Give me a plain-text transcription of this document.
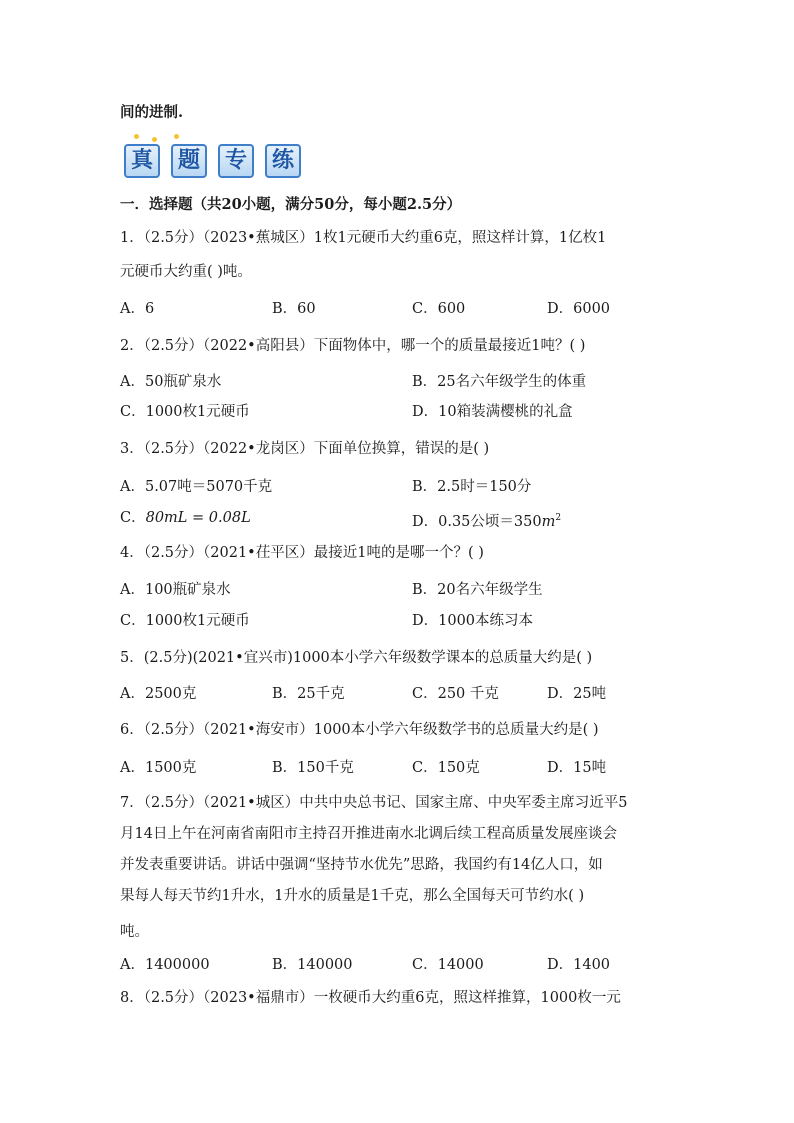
间的进制.
真	题	专	练
一．选择题（共20小题，满分50分，每小题2.5分）
1．（2.5分）（2023•蕉城区）1枚1元硬币大约重6克，照这样计算，1亿枚1
元硬币大约重( )吨。
A．6	B．60	C．600	D．6000
2．（2.5分）（2022•高阳县）下面物体中，哪一个的质量最接近1吨？( )
A．50瓶矿泉水	B．25名六年级学生的体重
C．1000枚1元硬币	D．10箱装满樱桃的礼盒
3．（2.5分）（2022•龙岗区）下面单位换算，错误的是( )
A．5.07吨＝5070千克	B．2.5时＝150分
C．80mL = 0.08L	D．0.35公顷$=350m^2$
4．（2.5分）（2021•茌平区）最接近1吨的是哪一个？( )
A．100瓶矿泉水	B．20名六年级学生
C．1000枚1元硬币	D．1000本练习本
5．(2.5分)(2021•宜兴市)1000本小学六年级数学课本的总质量大约是( )
A．2500克	B．25千克	C．250 千克	D．25吨
6．（2.5分）（2021•海安市）1000本小学六年级数学书的总质量大约是( )
A．1500克	B．150千克	C．150克	D．15吨
7．（2.5分）（2021•城区）中共中央总书记、国家主席、中央军委主席习近平5
月14日上午在河南省南阳市主持召开推进南水北调后续工程高质量发展座谈会
并发表重要讲话。讲话中强调“坚持节水优先”思路，我国约有14亿人口，如
果每人每天节约1升水，1升水的质量是1千克，那么全国每天可节约水( )
吨。
A．1400000	B．140000	C．14000	D．1400
8．（2.5分）（2023•福鼎市）一枚硬币大约重6克，照这样推算，1000枚一元
